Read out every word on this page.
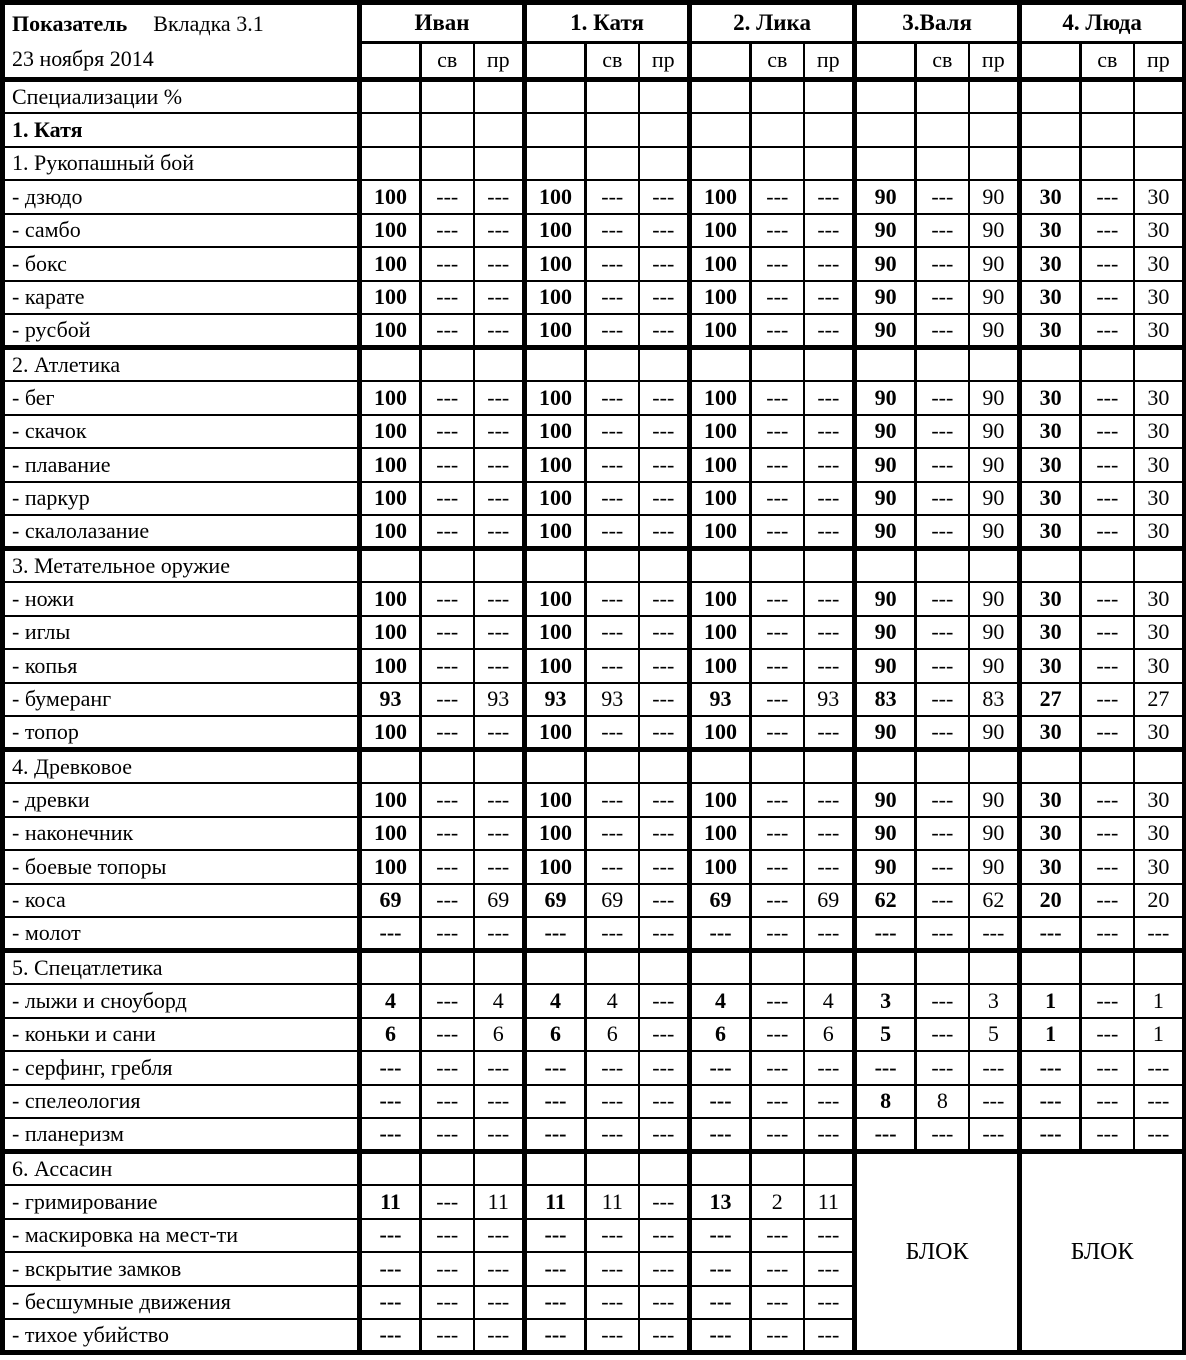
Показатель Вкладка 3.1
23 ноября 2014	Иван			1. Катя			2. Лика			3.Валя			4. Люда		
		св	пр		св	пр		св	пр		св	пр		св	пр
Специализации %															
1. Катя															
1. Рукопашный бой															
- дзюдо	100	---	---	100	---	---	100	---	---	90	---	90	30	---	30
- самбо	100	---	---	100	---	---	100	---	---	90	---	90	30	---	30
- бокс	100	---	---	100	---	---	100	---	---	90	---	90	30	---	30
- карате	100	---	---	100	---	---	100	---	---	90	---	90	30	---	30
- русбой	100	---	---	100	---	---	100	---	---	90	---	90	30	---	30
2. Атлетика															
- бег	100	---	---	100	---	---	100	---	---	90	---	90	30	---	30
- скачок	100	---	---	100	---	---	100	---	---	90	---	90	30	---	30
- плавание	100	---	---	100	---	---	100	---	---	90	---	90	30	---	30
- паркур	100	---	---	100	---	---	100	---	---	90	---	90	30	---	30
- скалолазание	100	---	---	100	---	---	100	---	---	90	---	90	30	---	30
3. Метательное оружие															
- ножи	100	---	---	100	---	---	100	---	---	90	---	90	30	---	30
- иглы	100	---	---	100	---	---	100	---	---	90	---	90	30	---	30
- копья	100	---	---	100	---	---	100	---	---	90	---	90	30	---	30
- бумеранг	93	---	93	93	93	---	93	---	93	83	---	83	27	---	27
- топор	100	---	---	100	---	---	100	---	---	90	---	90	30	---	30
4. Древковое															
- древки	100	---	---	100	---	---	100	---	---	90	---	90	30	---	30
- наконечник	100	---	---	100	---	---	100	---	---	90	---	90	30	---	30
- боевые топоры	100	---	---	100	---	---	100	---	---	90	---	90	30	---	30
- коса	69	---	69	69	69	---	69	---	69	62	---	62	20	---	20
- молот	---	---	---	---	---	---	---	---	---	---	---	---	---	---	---
5. Спецатлетика															
- лыжи и сноуборд	4	---	4	4	4	---	4	---	4	3	---	3	1	---	1
- коньки и сани	6	---	6	6	6	---	6	---	6	5	---	5	1	---	1
- серфинг, гребля	---	---	---	---	---	---	---	---	---	---	---	---	---	---	---
- спелеология	---	---	---	---	---	---	---	---	---	8	8	---	---	---	---
- планеризм	---	---	---	---	---	---	---	---	---	---	---	---	---	---	---
6. Ассасин										БЛОК			БЛОК		
- гримирование	11	---	11	11	11	---	13	2	11						
- маскировка на мест-ти	---	---	---	---	---	---	---	---	---						
- вскрытие замков	---	---	---	---	---	---	---	---	---						
- бесшумные движения	---	---	---	---	---	---	---	---	---						
- тихое убийство	---	---	---	---	---	---	---	---	---						
